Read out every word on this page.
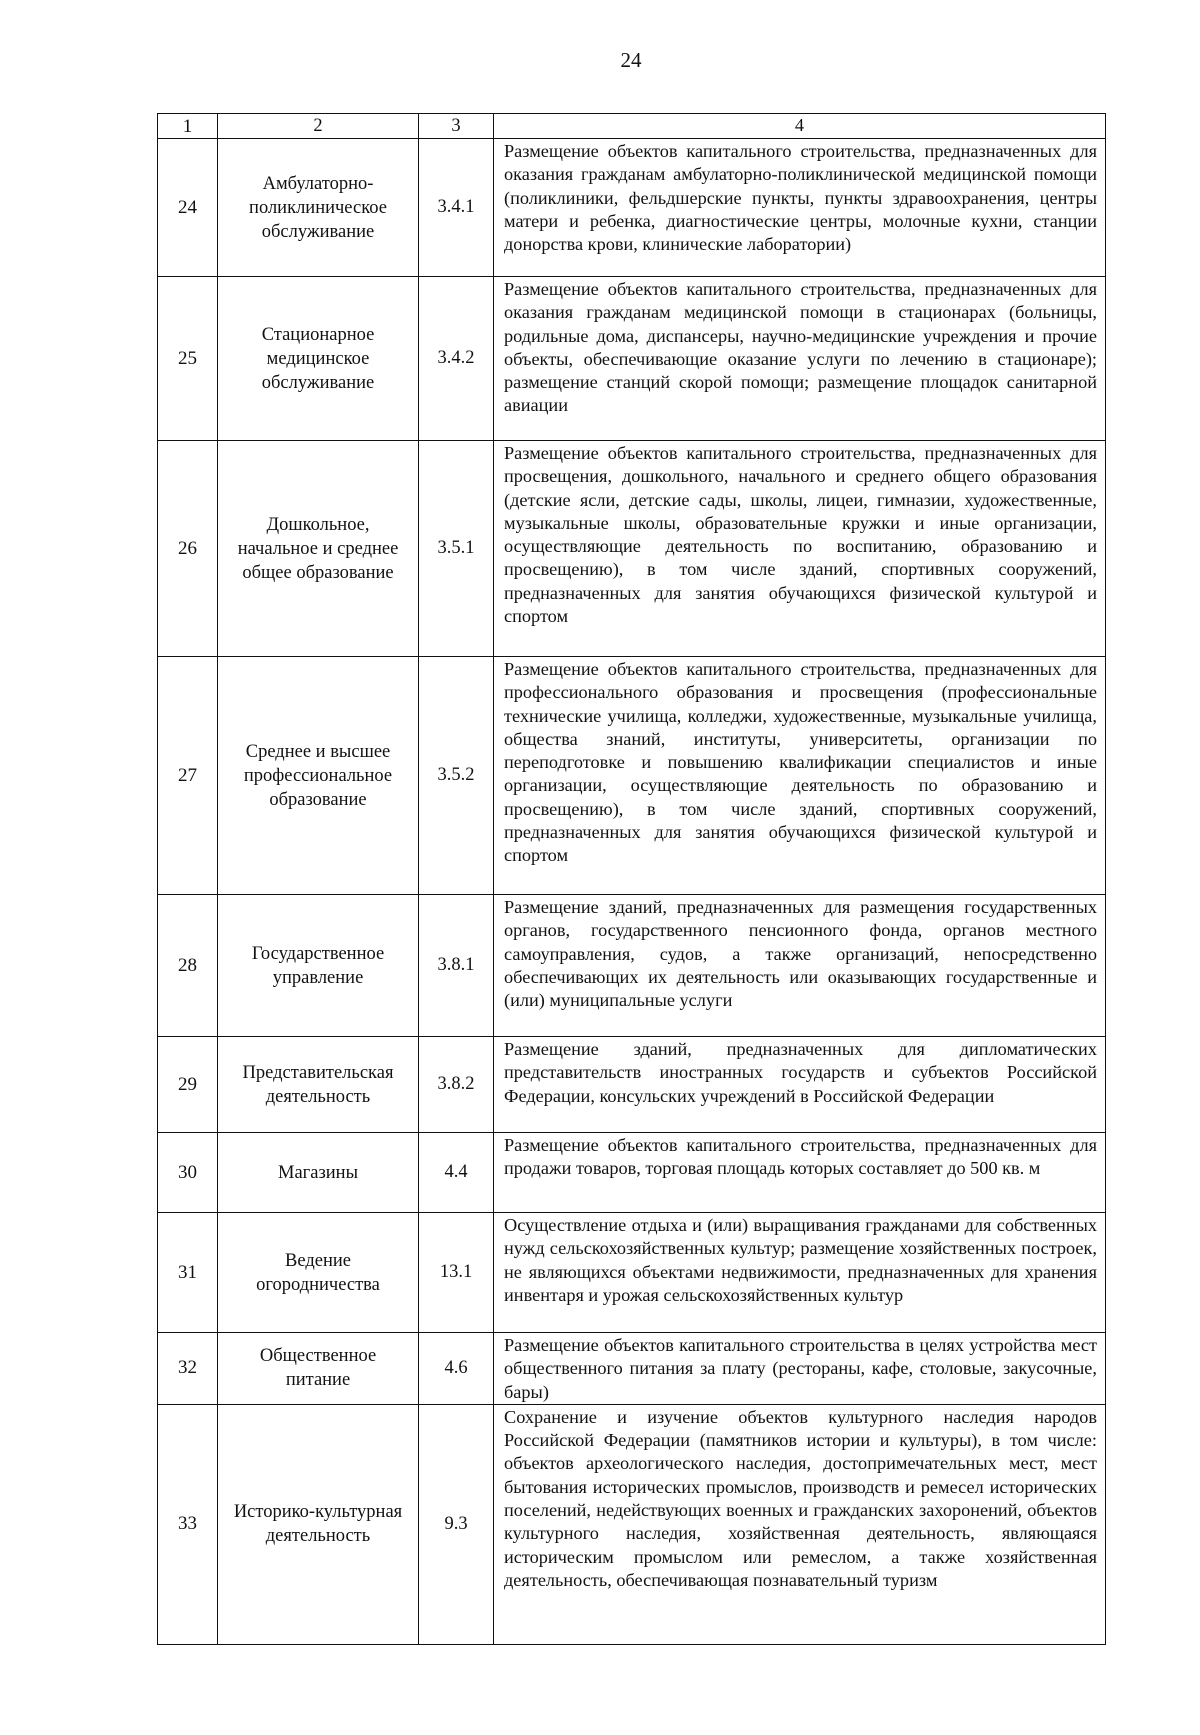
24
1	2	3	4
24	Амбулаторно-поликлиническое обслуживание	3.4.1	Размещение объектов капитального строительства, предназначенных для оказания гражданам амбулаторно-поликлинической медицинской помощи (поликлиники, фельдшерские пункты, пункты здравоохранения, центры матери и ребенка, диагностические центры, молочные кухни, станции донорства крови, клинические лаборатории)
25	Стационарное медицинское обслуживание	3.4.2	Размещение объектов капитального строительства, предназначенных для оказания гражданам медицинской помощи в стационарах (больницы, родильные дома, диспансеры, научно-медицинские учреждения и прочие объекты, обеспечивающие оказание услуги по лечению в стационаре); размещение станций скорой помощи; размещение площадок санитарной авиации
26	Дошкольное, начальное и среднее общее образование	3.5.1	Размещение объектов капитального строительства, предназначенных для просвещения, дошкольного, начального и среднего общего образования (детские ясли, детские сады, школы, лицеи, гимназии, художественные, музыкальные школы, образовательные кружки и иные организации, осуществляющие деятельность по воспитанию, образованию и просвещению), в том числе зданий, спортивных сооружений, предназначенных для занятия обучающихся физической культурой и спортом
27	Среднее и высшее профессиональное образование	3.5.2	Размещение объектов капитального строительства, предназначенных для профессионального образования и просвещения (профессиональные технические училища, колледжи, художественные, музыкальные училища, общества знаний, институты, университеты, организации по переподготовке и повышению квалификации специалистов и иные организации, осуществляющие деятельность по образованию и просвещению), в том числе зданий, спортивных сооружений, предназначенных для занятия обучающихся физической культурой и спортом
28	Государственное управление	3.8.1	Размещение зданий, предназначенных для размещения государственных органов, государственного пенсионного фонда, органов местного самоуправления, судов, а также организаций, непосредственно обеспечивающих их деятельность или оказывающих государственные и (или) муниципальные услуги
29	Представительская деятельность	3.8.2	Размещение зданий, предназначенных для дипломатических представительств иностранных государств и субъектов Российской Федерации, консульских учреждений в Российской Федерации
30	Магазины	4.4	Размещение объектов капитального строительства, предназначенных для продажи товаров, торговая площадь которых составляет до 500 кв. м
31	Ведение огородничества	13.1	Осуществление отдыха и (или) выращивания гражданами для собственных нужд сельскохозяйственных культур; размещение хозяйственных построек, не являющихся объектами недвижимости, предназначенных для хранения инвентаря и урожая сельскохозяйственных культур
32	Общественное питание	4.6	Размещение объектов капитального строительства в целях устройства мест общественного питания за плату (рестораны, кафе, столовые, закусочные, бары)
33	Историко-культурная деятельность	9.3	Сохранение и изучение объектов культурного наследия народов Российской Федерации (памятников истории и культуры), в том числе: объектов археологического наследия, достопримечательных мест, мест бытования исторических промыслов, производств и ремесел исторических поселений, недействующих военных и гражданских захоронений, объектов культурного наследия, хозяйственная деятельность, являющаяся историческим промыслом или ремеслом, а также хозяйственная деятельность, обеспечивающая познавательный туризм
